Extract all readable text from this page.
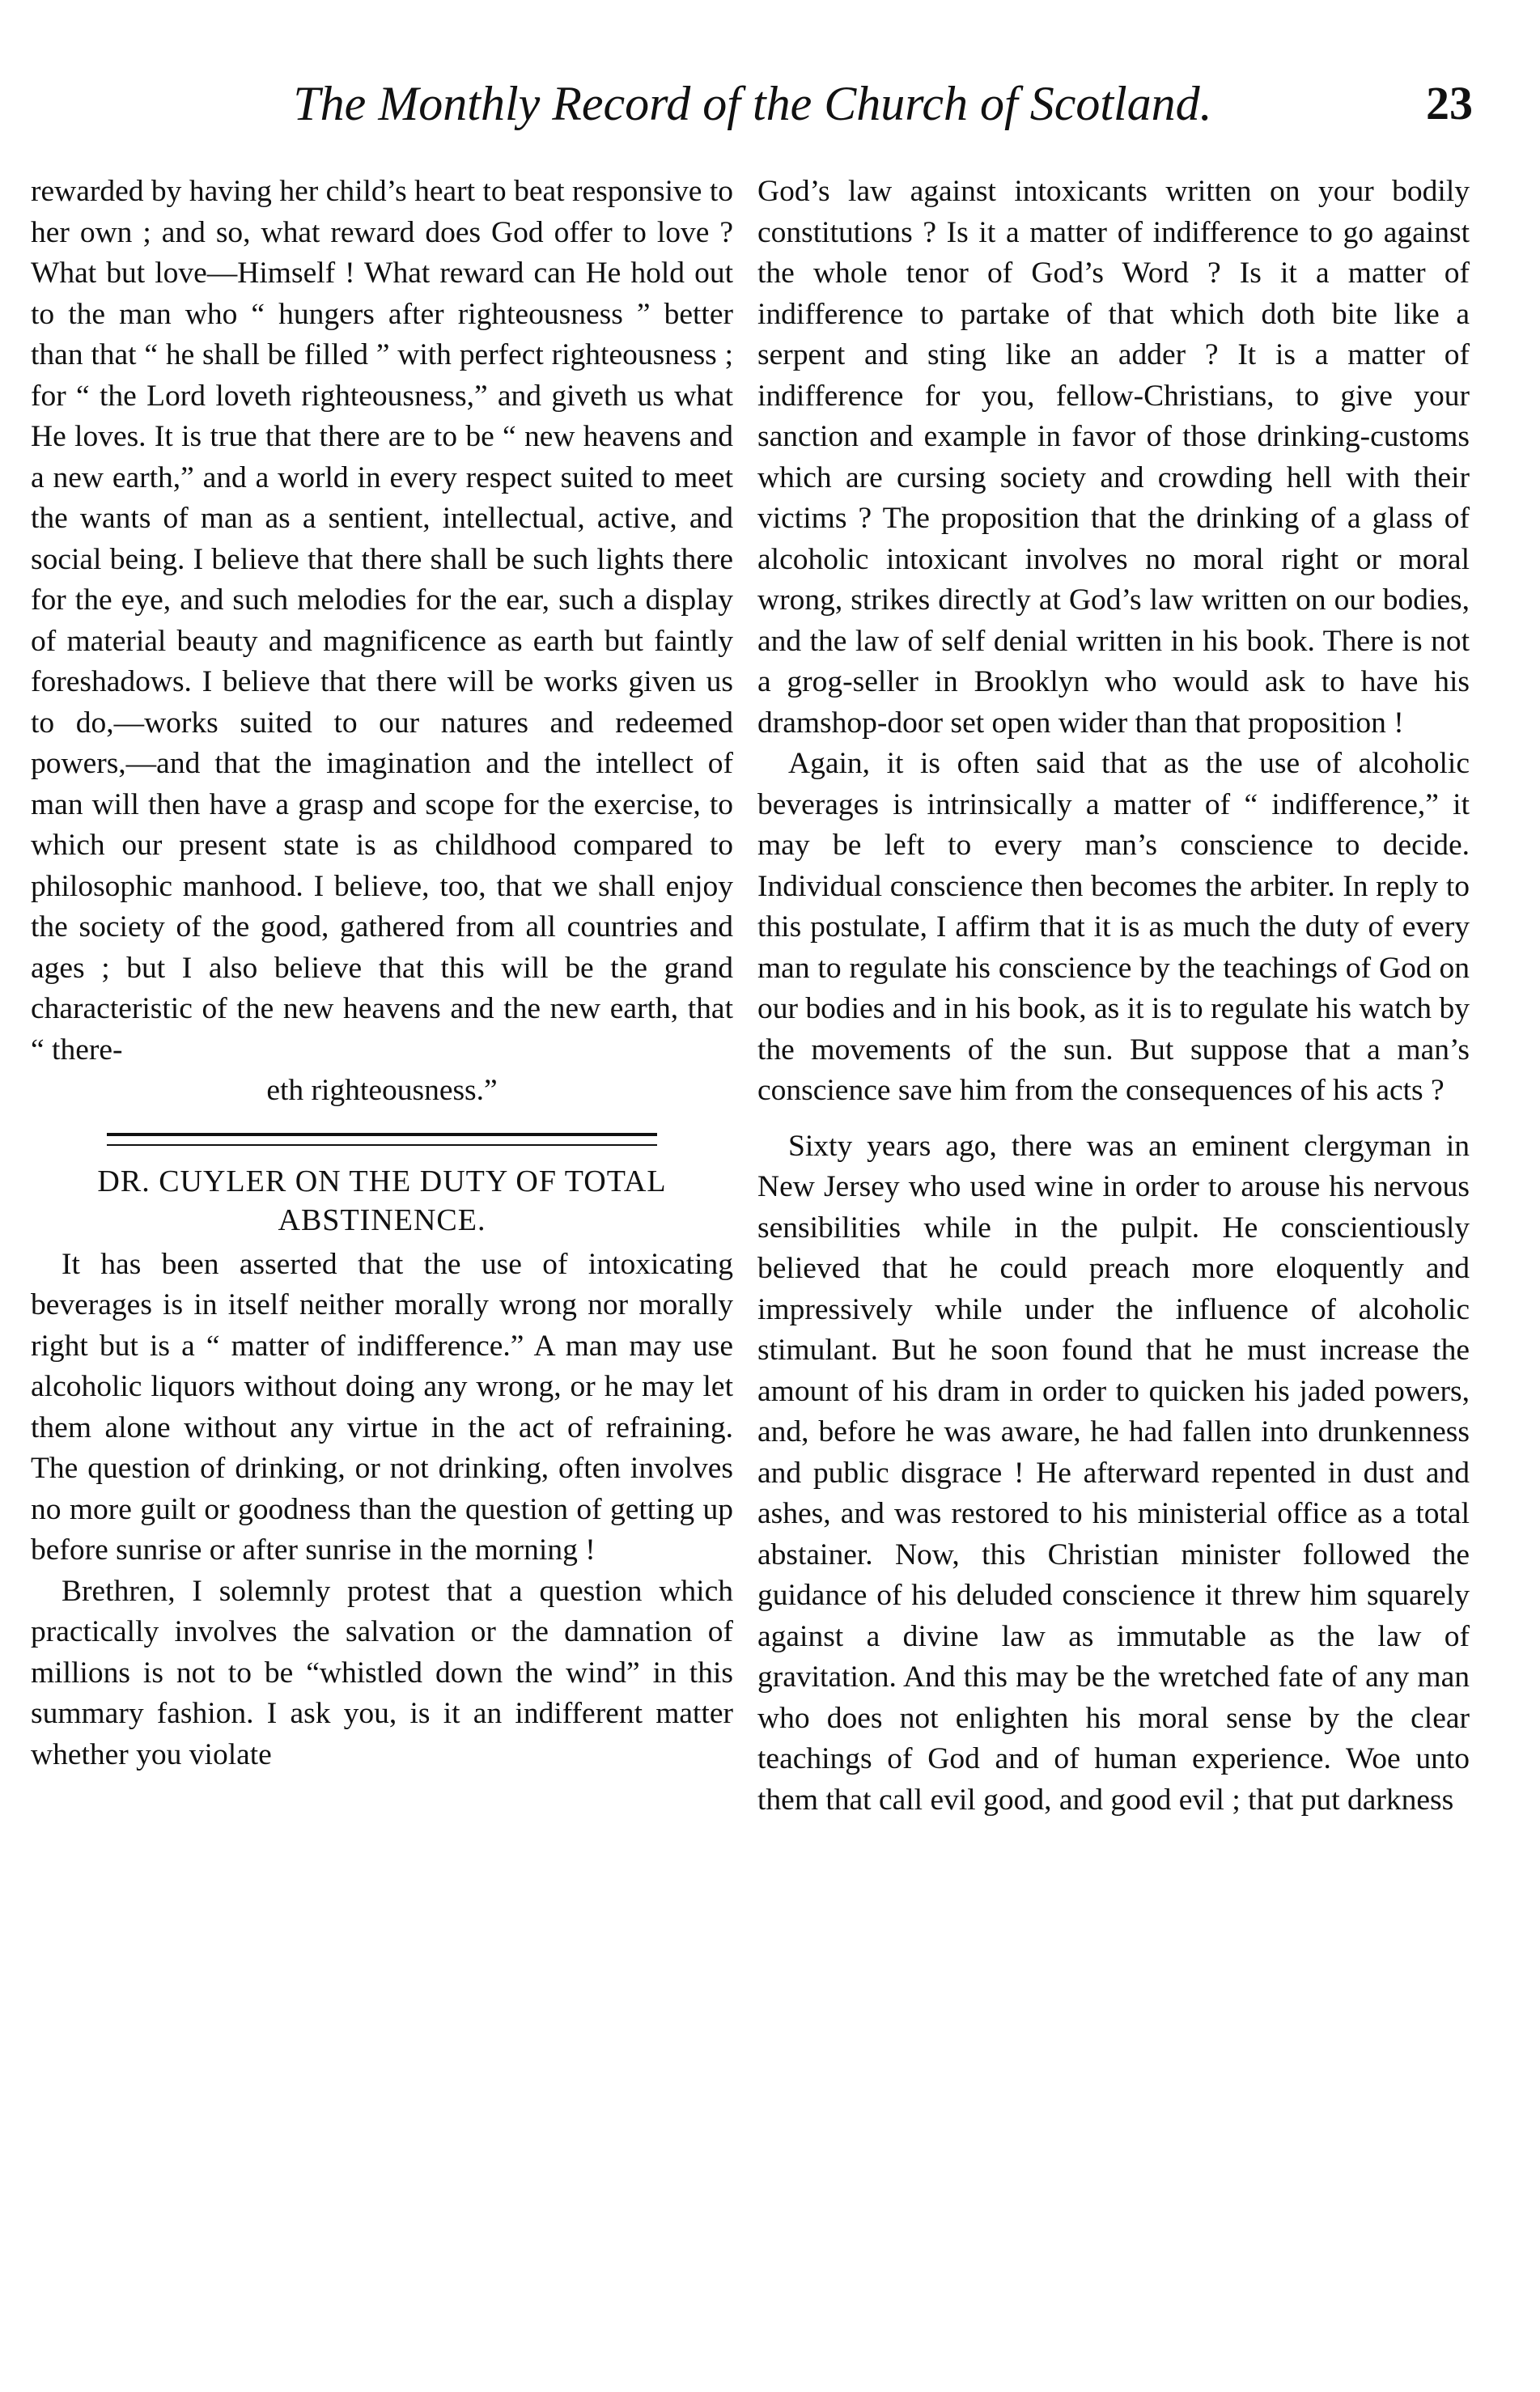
The Monthly Record of the Church of Scotland.	23

rewarded by having her child’s heart to beat responsive to her own ; and so, what reward does God offer to love ? What but love—Himself ! What reward can He hold out to the man who “ hungers after righteousness ” better than that “ he shall be filled ” with perfect righteousness ; for “ the Lord loveth righteousness,” and giveth us what He loves. It is true that there are to be “ new heavens and a new earth,” and a world in every respect suited to meet the wants of man as a sentient, intellectual, active, and social being. I believe that there shall be such lights there for the eye, and such melodies for the ear, such a display of material beauty and magnificence as earth but faintly foreshadows. I believe that there will be works given us to do,—works suited to our natures and redeemed powers,—and that the imagination and the intellect of man will then have a grasp and scope for the exercise, to which our present state is as childhood compared to philosophic manhood. I believe, too, that we shall enjoy the society of the good, gathered from all countries and ages ; but I also believe that this will be the grand characteristic of the new heavens and the new earth, that “ there-

eth righteousness.”

DR. CUYLER ON THE DUTY OF TOTAL ABSTINENCE.

It has been asserted that the use of intoxicating beverages is in itself neither morally wrong nor morally right but is a “ matter of indifference.” A man may use alcoholic liquors without doing any wrong, or he may let them alone without any virtue in the act of refraining. The question of drinking, or not drinking, often involves no more guilt or goodness than the question of getting up before sunrise or after sunrise in the morning !

Brethren, I solemnly protest that a question which practically involves the salvation or the damnation of millions is not to be “whistled down the wind” in this summary fashion. I ask you, is it an indifferent matter whether you violate

God’s law against intoxicants written on your bodily constitutions ? Is it a matter of indifference to go against the whole tenor of God’s Word ? Is it a matter of indifference to partake of that which doth bite like a serpent and sting like an adder ? It is a matter of indifference for you, fellow-Christians, to give your sanction and example in favor of those drinking-customs which are cursing society and crowding hell with their victims ? The proposition that the drinking of a glass of alcoholic intoxicant involves no moral right or moral wrong, strikes directly at God’s law written on our bodies, and the law of self denial written in his book. There is not a grog-seller in Brooklyn who would ask to have his dramshop-door set open wider than that proposition !

Again, it is often said that as the use of alcoholic beverages is intrinsically a matter of “ indifference,” it may be left to every man’s conscience to decide. Individual conscience then becomes the arbiter. In reply to this postulate, I affirm that it is as much the duty of every man to regulate his conscience by the teachings of God on our bodies and in his book, as it is to regulate his watch by the movements of the sun. But suppose that a man’s conscience save him from the consequences of his acts ?

Sixty years ago, there was an eminent clergyman in New Jersey who used wine in order to arouse his nervous sensibilities while in the pulpit. He conscientiously believed that he could preach more eloquently and impressively while under the influence of alcoholic stimulant. But he soon found that he must increase the amount of his dram in order to quicken his jaded powers, and, before he was aware, he had fallen into drunkenness and public disgrace ! He afterward repented in dust and ashes, and was restored to his ministerial office as a total abstainer. Now, this Christian minister followed the guidance of his deluded conscience it threw him squarely against a divine law as immutable as the law of gravitation. And this may be the wretched fate of any man who does not enlighten his moral sense by the clear teachings of God and of human experience. Woe unto them that call evil good, and good evil ; that put darkness
